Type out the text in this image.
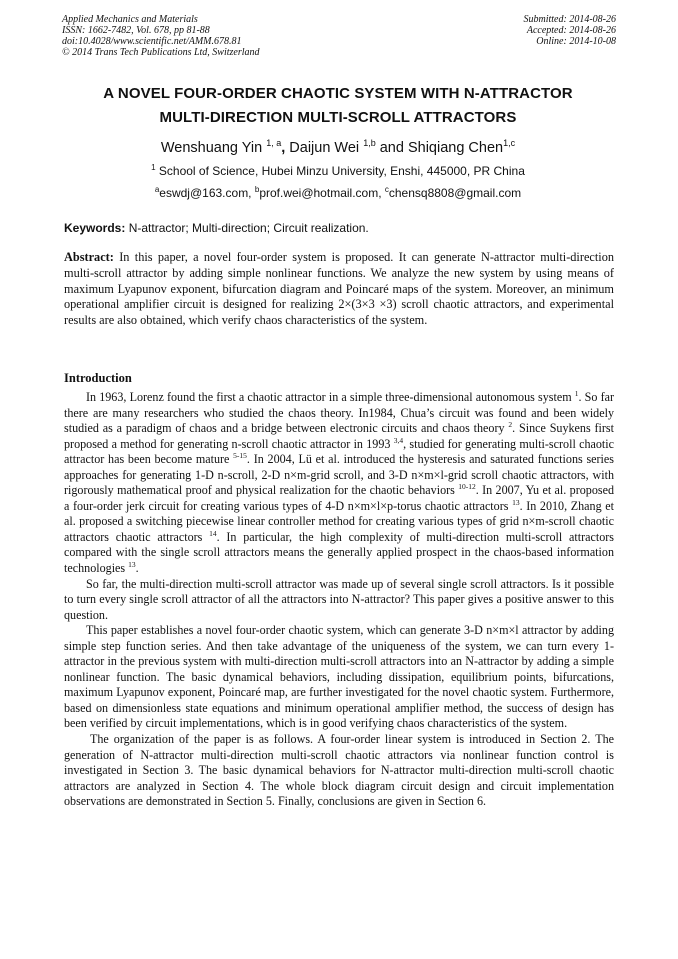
Applied Mechanics and Materials
ISSN: 1662-7482, Vol. 678, pp 81-88
doi:10.4028/www.scientific.net/AMM.678.81
© 2014 Trans Tech Publications Ltd, Switzerland
Submitted: 2014-08-26
Accepted: 2014-08-26
Online: 2014-10-08
A NOVEL FOUR-ORDER CHAOTIC SYSTEM WITH N-ATTRACTOR
MULTI-DIRECTION MULTI-SCROLL ATTRACTORS
Wenshuang Yin $^{1, a}$, Daijun Wei $^{1,b}$ and Shiqiang Chen$^{1,c}$
$^1$ School of Science, Hubei Minzu University, Enshi, 445000, PR China
$^a$eswdj@163.com, $^b$prof.wei@hotmail.com, $^c$chensq8808@gmail.com
Keywords: N-attractor; Multi-direction; Circuit realization.
Abstract: In this paper, a novel four-order system is proposed. It can generate N-attractor multi-direction multi-scroll attractor by adding simple nonlinear functions. We analyze the new system by using means of maximum Lyapunov exponent, bifurcation diagram and Poincaré maps of the system. Moreover, an minimum operational amplifier circuit is designed for realizing 2×(3×3 ×3) scroll chaotic attractors, and experimental results are also obtained, which verify chaos characteristics of the system.
Introduction

In 1963, Lorenz found the first a chaotic attractor in a simple three-dimensional autonomous system $^1$. So far there are many researchers who studied the chaos theory. In1984, Chua’s circuit was found and been widely studied as a paradigm of chaos and a bridge between electronic circuits and chaos theory $^2$. Since Suykens first proposed a method for generating n-scroll chaotic attractor in 1993 $^{3,4}$, studied for generating multi-scroll chaotic attractor has been become mature $^{5-15}$. In 2004, Lü et al. introduced the hysteresis and saturated functions series approaches for generating 1-D n-scroll, 2-D n×m-grid scroll, and 3-D n×m×l-grid scroll chaotic attractors, with rigorously mathematical proof and physical realization for the chaotic behaviors $^{10-12}$. In 2007, Yu et al. proposed a four-order jerk circuit for creating various types of 4-D n×m×l×p-torus chaotic attractors $^{13}$. In 2010, Zhang et al. proposed a switching piecewise linear controller method for creating various types of grid n×m-scroll chaotic attractors chaotic attractors $^{14}$. In particular, the high complexity of multi-direction multi-scroll attractors compared with the single scroll attractors means the generally applied prospect in the chaos-based information technologies $^{13}$.

So far, the multi-direction multi-scroll attractor was made up of several single scroll attractors. Is it possible to turn every single scroll attractor of all the attractors into N-attractor? This paper gives a positive answer to this question.

This paper establishes a novel four-order chaotic system, which can generate 3-D n×m×l attractor by adding simple step function series. And then take advantage of the uniqueness of the system, we can turn every 1-attractor in the previous system with multi-direction multi-scroll attractors into an N-attractor by adding a simple nonlinear function. The basic dynamical behaviors, including dissipation, equilibrium points, bifurcations, maximum Lyapunov exponent, Poincaré map, are further investigated for the novel chaotic system. Furthermore, based on dimensionless state equations and minimum operational amplifier method, the success of design has been verified by circuit implementations, which is in good verifying chaos characteristics of the system.

The organization of the paper is as follows. A four-order linear system is introduced in Section 2. The generation of N-attractor multi-direction multi-scroll chaotic attractors via nonlinear function control is investigated in Section 3. The basic dynamical behaviors for N-attractor multi-direction multi-scroll chaotic attractors are analyzed in Section 4. The whole block diagram circuit design and circuit implementation observations are demonstrated in Section 5. Finally, conclusions are given in Section 6.
